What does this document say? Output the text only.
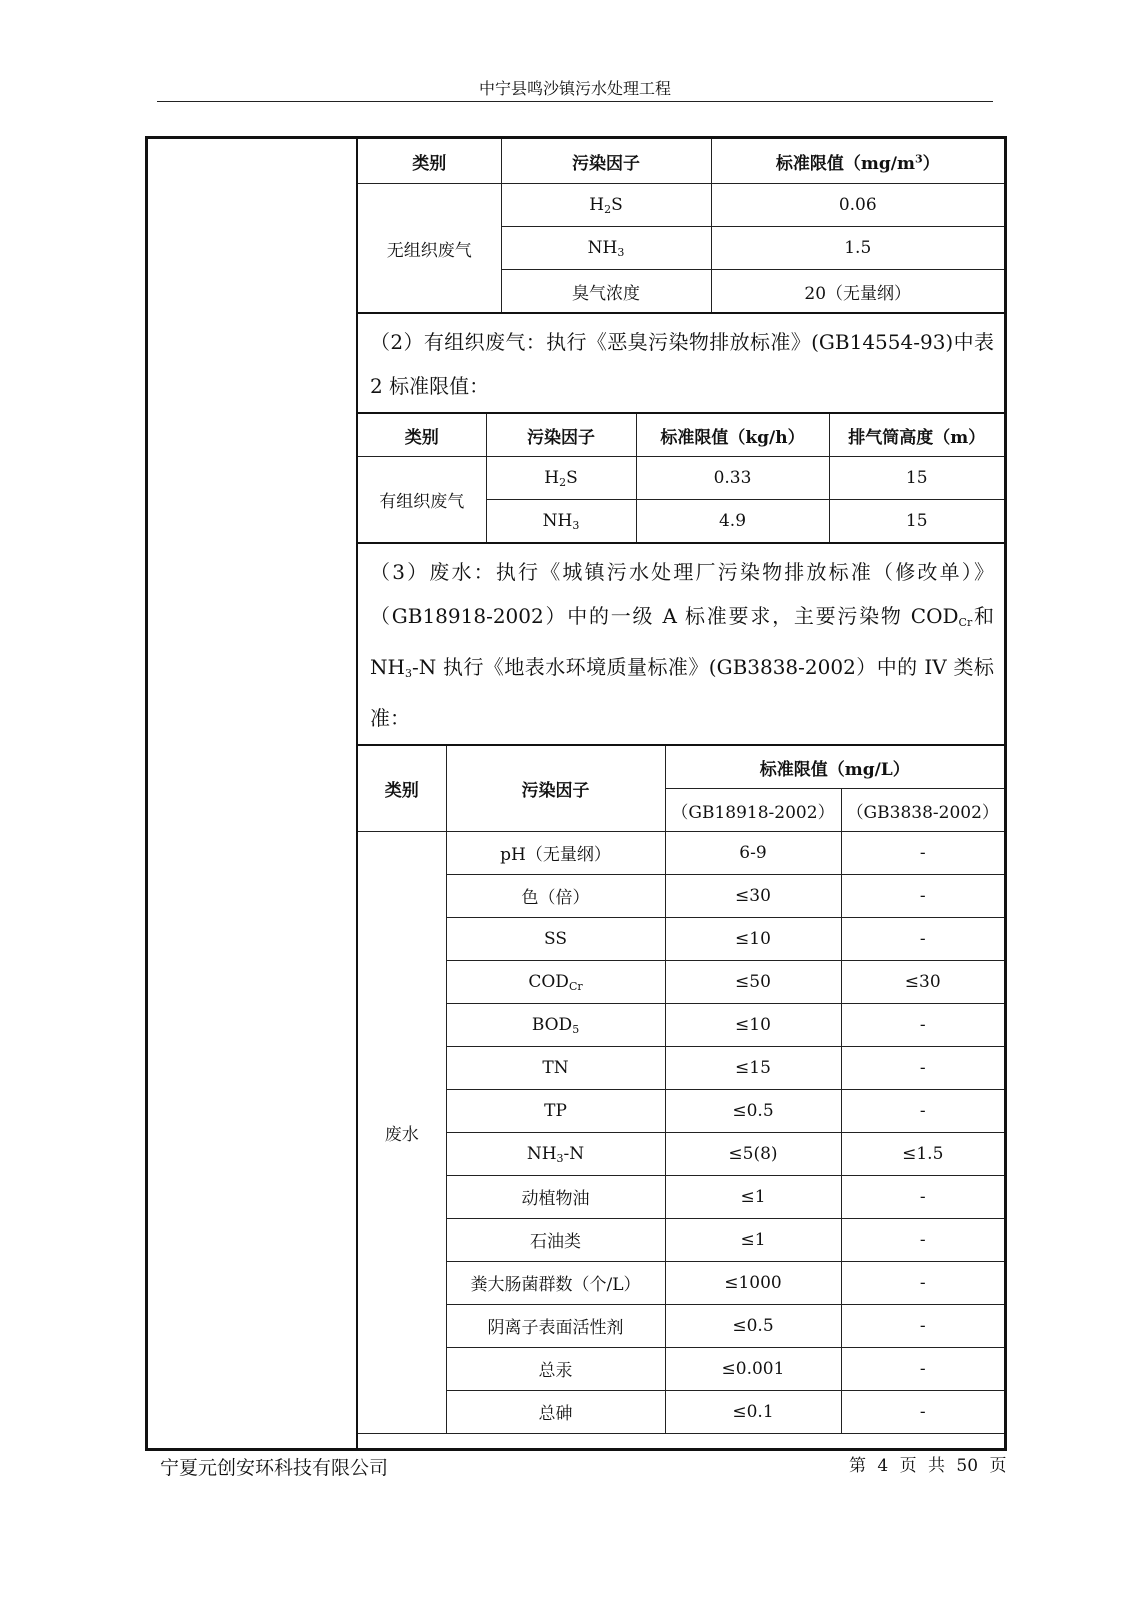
中宁县鸣沙镇污水处理工程
类别	污染因子	标准限值$(mg/m^3)$
无组织废气	$H_2S$	0.06
	$NH_3$	1.5
	臭气浓度	20（无量纲）
（2）有组织废气：执行《恶臭污染物排放标准》(GB14554-93)中表 2 标准限值：
类别	污染因子	标准限值（kg/h）	排气筒高度（m）
有组织废气	$H_2S$	0.33	15
	$NH_3$	4.9	15
（3）废水：执行《城镇污水处理厂污染物排放标准（修改单）》（GB18918-2002）中的一级 A 标准要求，主要污染物 $COD_{Cr}$和 $NH_3-N$ 执行《地表水环境质量标准》(GB3838-2002）中的 IV 类标准：
类别	污染因子	标准限值（mg/L）	
		（GB18918-2002）	（GB3838-2002）
废水	pH（无量纲）	6-9	-
	色（倍）	≤30	-
	SS	≤10	-
	$COD_{Cr}$	≤50	≤30
	$BOD_5$	≤10	-
	TN	≤15	-
	TP	≤0.5	-
	$NH_3-N$	≤5(8)	≤1.5
	动植物油	≤1	-
	石油类	≤1	-
	粪大肠菌群数（个/L）	≤1000	-
	阴离子表面活性剂	≤0.5	-
	总汞	≤0.001	-
	总砷	≤0.1	-
宁夏元创安环科技有限公司	第 4 页 共 50 页
